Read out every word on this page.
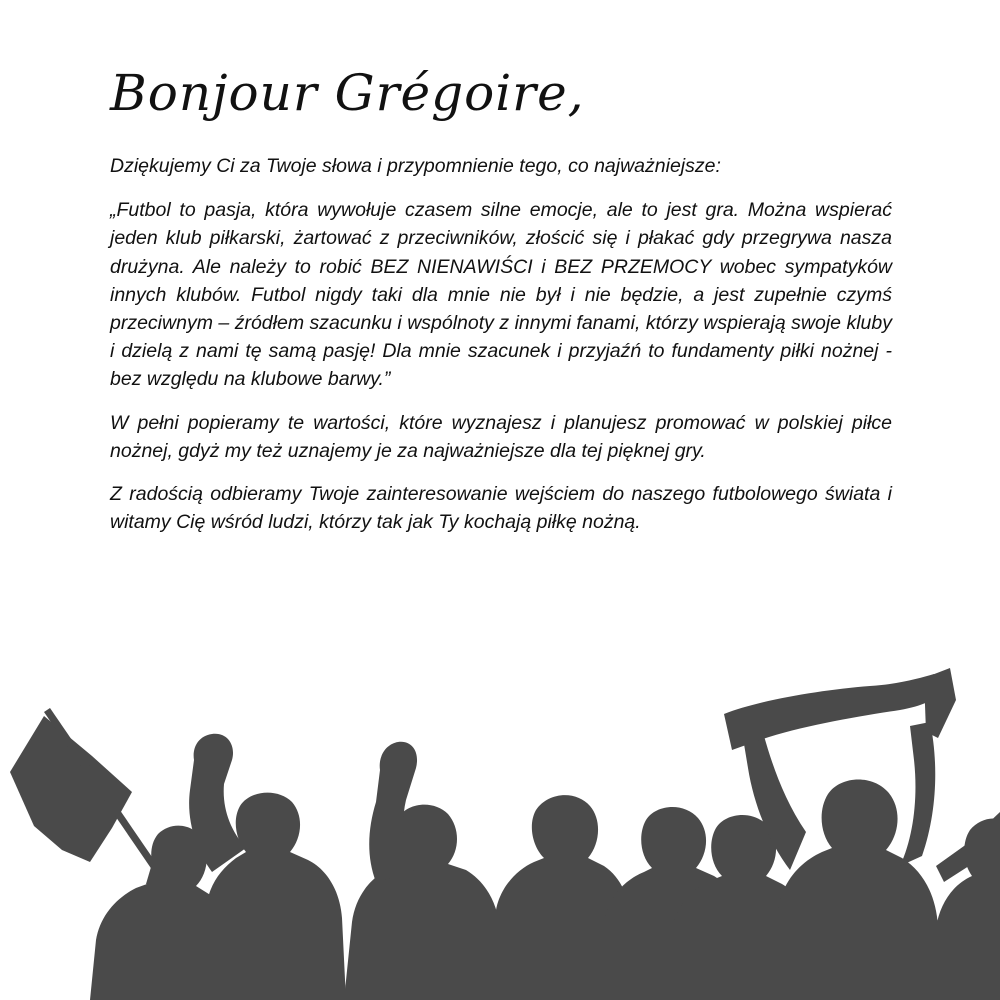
Bonjour Grégoire,

Dziękujemy Ci za Twoje słowa i przypomnienie tego, co najważniejsze:

„Futbol to pasja, która wywołuje czasem silne emocje, ale to jest gra. Można wspierać jeden klub piłkarski, żartować z przeciwników, złościć się i płakać gdy przegrywa nasza drużyna. Ale należy to robić BEZ NIENAWIŚCI i BEZ PRZEMOCY wobec sympatyków innych klubów. Futbol nigdy taki dla mnie nie był i nie będzie, a jest zupełnie czymś przeciwnym – źródłem szacunku i wspólnoty z innymi fanami, którzy wspierają swoje kluby i dzielą z nami tę samą pasję! Dla mnie szacunek i przyjaźń to fundamenty piłki nożnej - bez względu na klubowe barwy.”

W pełni popieramy te wartości, które wyznajesz i planujesz promować w polskiej piłce nożnej, gdyż my też uznajemy je za najważniejsze dla tej pięknej gry.

Z radością odbieramy Twoje zainteresowanie wejściem do naszego futbolowego świata i witamy Cię wśród ludzi, którzy tak jak Ty kochają piłkę nożną.
